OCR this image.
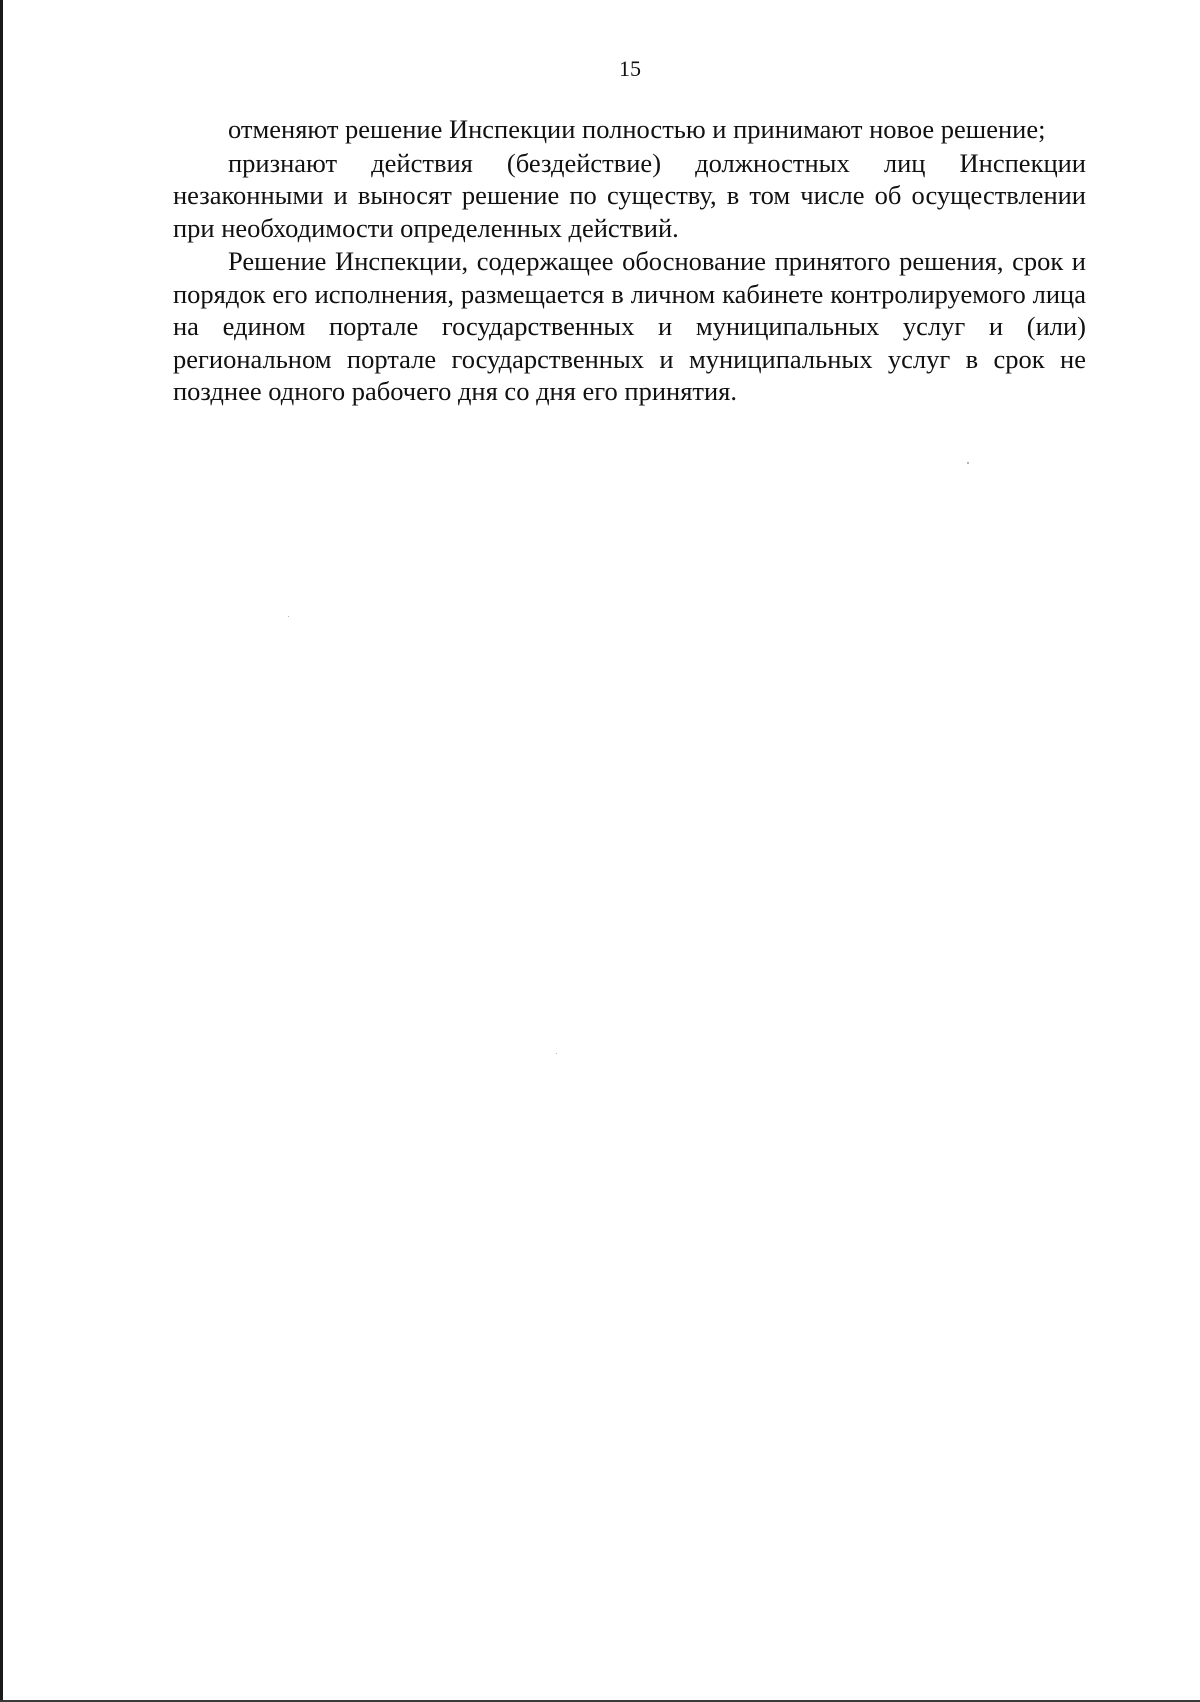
15

отменяют решение Инспекции полностью и принимают новое решение;

признают действия (бездействие) должностных лиц Инспекции незаконными и выносят решение по существу, в том числе об осуществлении при необходимости определенных действий.

Решение Инспекции, содержащее обоснование принятого решения, срок и порядок его исполнения, размещается в личном кабинете контролируемого лица на едином портале государственных и муниципальных услуг и (или) региональном портале государственных и муниципальных услуг в срок не позднее одного рабочего дня со дня его принятия.
